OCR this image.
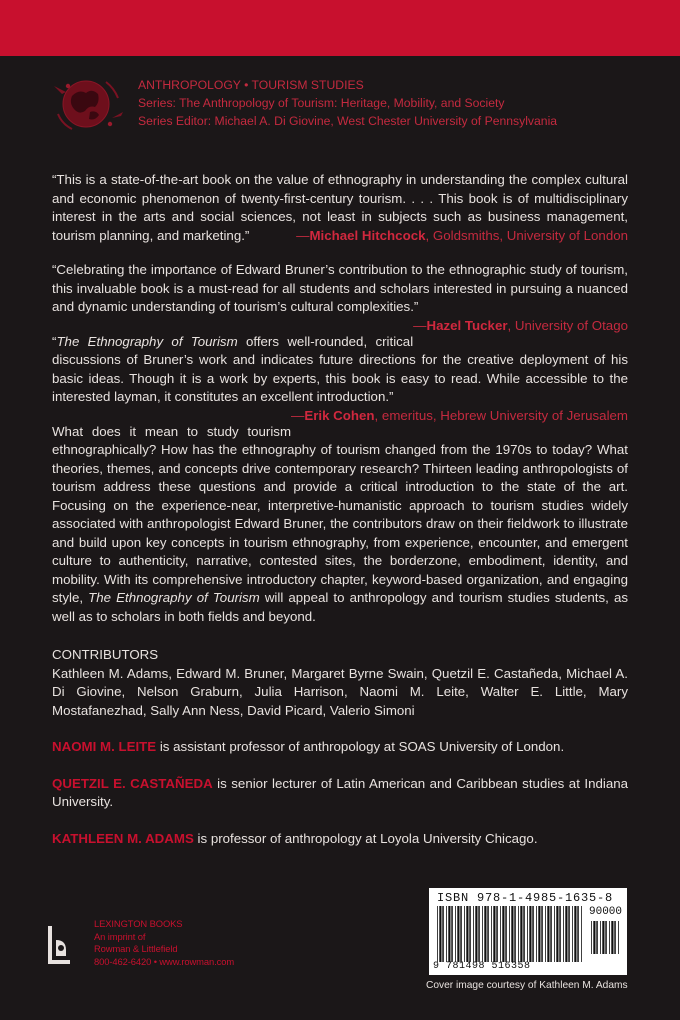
ANTHROPOLOGY • TOURISM STUDIES
Series: The Anthropology of Tourism: Heritage, Mobility, and Society
Series Editor: Michael A. Di Giovine, West Chester University of Pennsylvania

“This is a state-of-the-art book on the value of ethnography in understanding the complex cultural and economic phenomenon of twenty-first-century tourism. . . . This book is of multidisciplinary interest in the arts and social sciences, not least in subjects such as business management, tourism planning, and marketing.”	—Michael Hitchcock, Goldsmiths, University of London

“Celebrating the importance of Edward Bruner’s contribution to the ethnographic study of tourism, this invaluable book is a must-read for all students and scholars interested in pursuing a nuanced and dynamic understanding of tourism’s cultural complexities.”
—Hazel Tucker, University of Otago

“The Ethnography of Tourism offers well-rounded, critical discussions of Bruner’s work and indicates future directions for the creative deployment of his basic ideas. Though it is a work by experts, this book is easy to read. While accessible to the interested layman, it constitutes an excellent introduction.”
—Erik Cohen, emeritus, Hebrew University of Jerusalem

What does it mean to study tourism ethnographically? How has the ethnography of tourism changed from the 1970s to today? What theories, themes, and concepts drive contemporary research? Thirteen leading anthropologists of tourism address these questions and provide a critical introduction to the state of the art. Focusing on the experience-near, interpretive-humanistic approach to tourism studies widely associated with anthropologist Edward Bruner, the contributors draw on their fieldwork to illustrate and build upon key concepts in tourism ethnography, from experience, encounter, and emergent culture to authenticity, narrative, contested sites, the borderzone, embodiment, identity, and mobility. With its comprehensive introductory chapter, keyword-based organization, and engaging style, The Ethnography of Tourism will appeal to anthropology and tourism studies students, as well as to scholars in both fields and beyond.

CONTRIBUTORS

Kathleen M. Adams, Edward M. Bruner, Margaret Byrne Swain, Quetzil E. Castañeda, Michael A. Di Giovine, Nelson Graburn, Julia Harrison, Naomi M. Leite, Walter E. Little, Mary Mostafanezhad, Sally Ann Ness, David Picard, Valerio Simoni

NAOMI M. LEITE is assistant professor of anthropology at SOAS University of London.

QUETZIL E. CASTAÑEDA is senior lecturer of Latin American and Caribbean studies at Indiana University.

KATHLEEN M. ADAMS is professor of anthropology at Loyola University Chicago.

LEXINGTON BOOKS
An imprint of
Rowman & Littlefield
800-462-6420 • www.rowman.com
ISBN 978-1-4985-1635-8
90000
9 781498 516358
Cover image courtesy of Kathleen M. Adams
